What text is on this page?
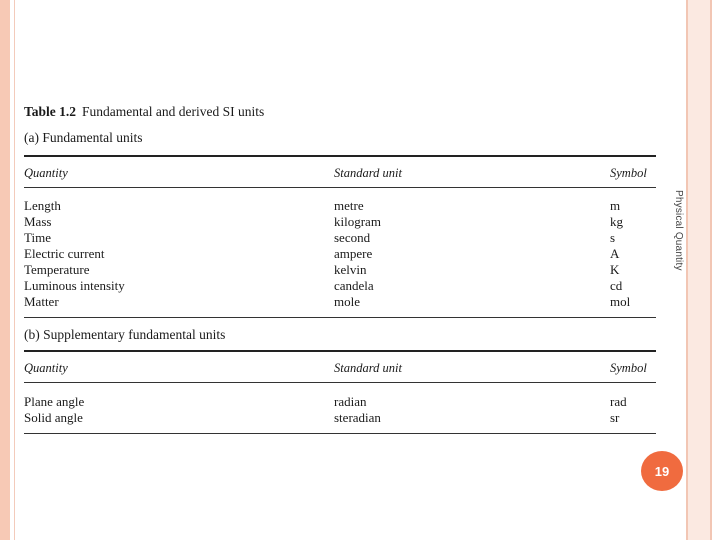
Physical Quantity
19
Table 1.2 Fundamental and derived SI units
(a) Fundamental units
Quantity	Standard unit	Symbol
Length	metre	m
Mass	kilogram	kg
Time	second	s
Electric current	ampere	A
Temperature	kelvin	K
Luminous intensity	candela	cd
Matter	mole	mol
(b) Supplementary fundamental units
Quantity	Standard unit	Symbol
Plane angle	radian	rad
Solid angle	steradian	sr
